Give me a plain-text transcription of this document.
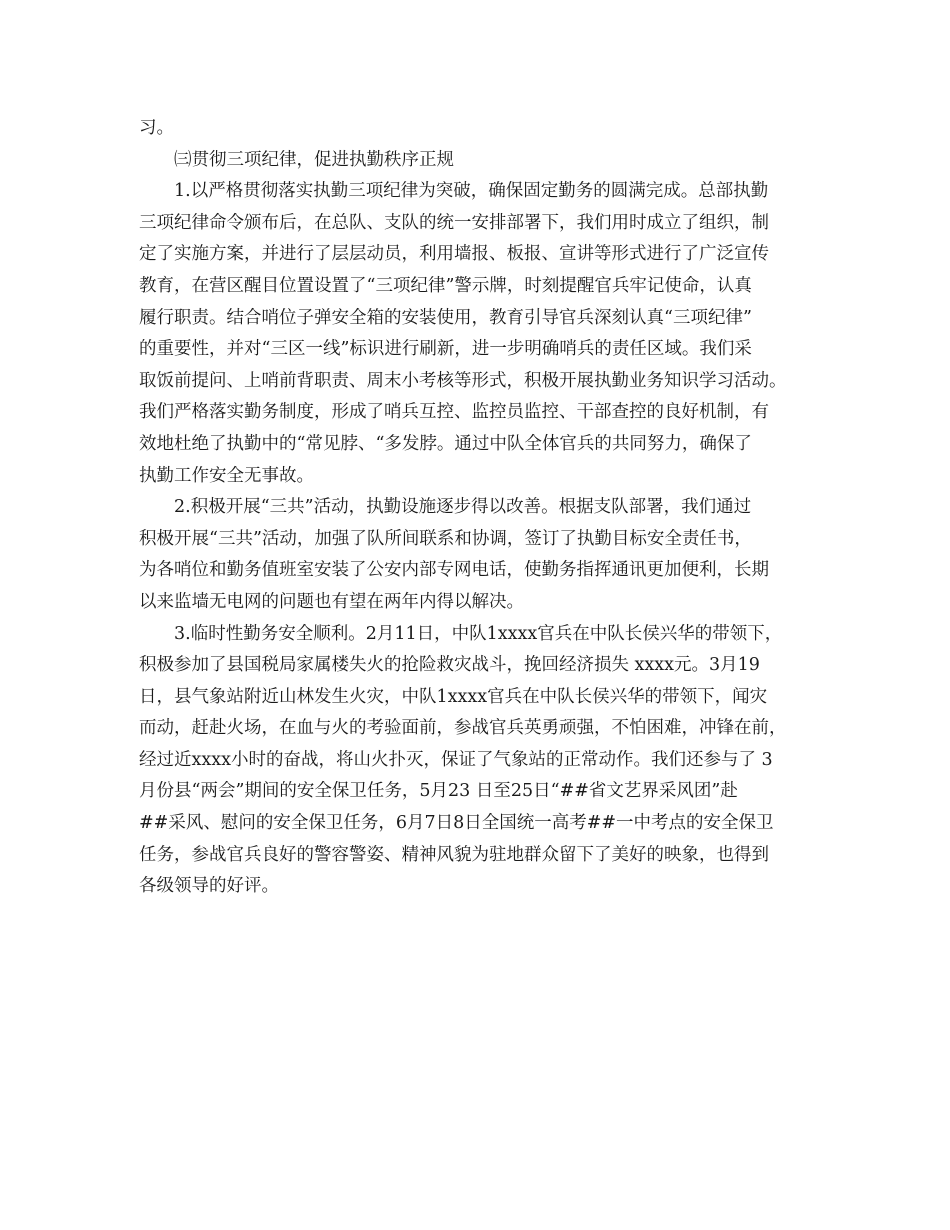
习。
㈢贯彻三项纪律，促进执勤秩序正规
1.以严格贯彻落实执勤三项纪律为突破，确保固定勤务的圆满完成。总部执勤
三项纪律命令颁布后，在总队、支队的统一安排部署下，我们用时成立了组织，制
定了实施方案，并进行了层层动员，利用墙报、板报、宣讲等形式进行了广泛宣传
教育，在营区醒目位置设置了“三项纪律”警示牌，时刻提醒官兵牢记使命，认真
履行职责。结合哨位子弹安全箱的安装使用，教育引导官兵深刻认真“三项纪律”
的重要性，并对“三区一线”标识进行刷新，进一步明确哨兵的责任区域。我们采
取饭前提问、上哨前背职责、周末小考核等形式，积极开展执勤业务知识学习活动。
我们严格落实勤务制度，形成了哨兵互控、监控员监控、干部查控的良好机制，有
效地杜绝了执勤中的“常见脖、“多发脖。通过中队全体官兵的共同努力，确保了
执勤工作安全无事故。
2.积极开展“三共”活动，执勤设施逐步得以改善。根据支队部署，我们通过
积极开展“三共”活动，加强了队所间联系和协调，签订了执勤目标安全责任书，
为各哨位和勤务值班室安装了公安内部专网电话，使勤务指挥通讯更加便利，长期
以来监墙无电网的问题也有望在两年内得以解决。
3.临时性勤务安全顺利。2月11日，中队1xxxx官兵在中队长侯兴华的带领下，
积极参加了县国税局家属楼失火的抢险救灾战斗，挽回经济损失 xxxx元。3月19
日，县气象站附近山林发生火灾，中队1xxxx官兵在中队长侯兴华的带领下，闻灾
而动，赶赴火场，在血与火的考验面前，参战官兵英勇顽强，不怕困难，冲锋在前，
经过近xxxx小时的奋战，将山火扑灭，保证了气象站的正常动作。我们还参与了 3
月份县“两会”期间的安全保卫任务，5月23 日至25日“##省文艺界采风团”赴
##采风、慰问的安全保卫任务，6月7日8日全国统一高考##一中考点的安全保卫
任务，参战官兵良好的警容警姿、精神风貌为驻地群众留下了美好的映象，也得到
各级领导的好评。
